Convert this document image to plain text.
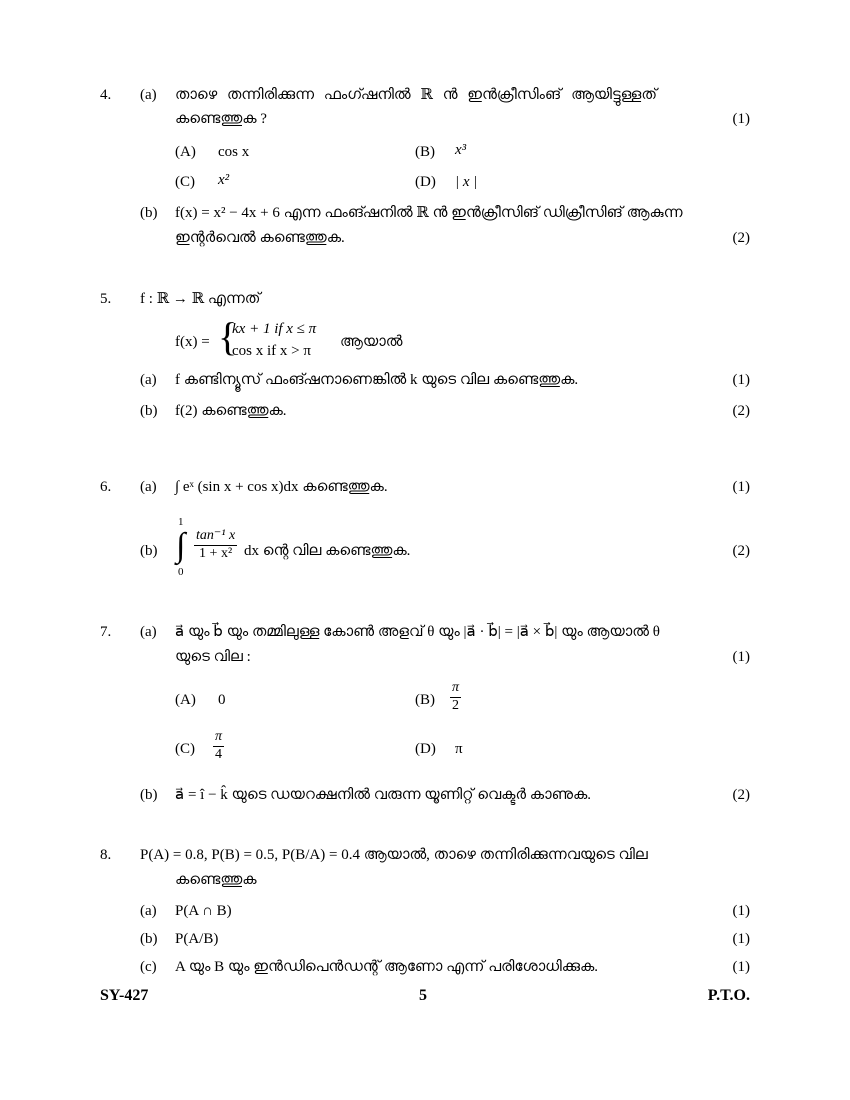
4. (a) താഴെ തന്നിരിക്കുന്ന ഫംഗ്ഷനിൽ ℝ ൻ ഇൻക്രീസിംങ് ആയിട്ടുള്ളത്
കണ്ടെത്തുക ?	(1)
(A) cos x	(B) x³
(C) x²	(D) | x |
(b) f(x) = x² − 4x + 6 എന്ന ഫംങ്ഷനിൽ ℝ ൻ ഇൻക്രീസിങ് ഡിക്രീസിങ് ആകുന്ന
ഇന്റർവെൽ കണ്ടെത്തുക.	(2)
5. f : ℝ → ℝ എന്നത്
f(x) = {
kx + 1 if x ≤ π
cos x if x > π
ആയാൽ
(a) f കണ്ടിന്യൂസ് ഫംങ്ഷനാണെങ്കിൽ k യുടെ വില കണ്ടെത്തുക.	(1)
(b) f(2) കണ്ടെത്തുക.	(2)
6. (a) ∫ eˣ (sin x + cos x)dx കണ്ടെത്തുക.	(1)
(b)
1
∫
0
$\frac{\text{tan⁻¹ x}}{\text{1 + x²}}$ dx ന്റെ വില കണ്ടെത്തുക.	(2)
7. (a) a⃗ യും b⃗ യും തമ്മിലുള്ള കോൺ അളവ് θ യും |a⃗ · b⃗| = |a⃗ × b⃗| യും ആയാൽ θ
യുടെ വില :	(1)
(A) 0	$(B) \frac{\pi}{2}$
$(C) \frac{\pi}{4}$	(D) π
(b) a⃗ = î − k̂ യുടെ ഡയറക്ഷനിൽ വരുന്ന യൂണിറ്റ് വെക്ടർ കാണുക.	(2)
8. P(A) = 0.8, P(B) = 0.5, P(B/A) = 0.4 ആയാൽ, താഴെ തന്നിരിക്കുന്നവയുടെ വില
കണ്ടെത്തുക
(a) P(A ∩ B)	(1)
(b) P(A/B)	(1)
(c) A യും B യും ഇൻഡിപെൻഡന്റ് ആണോ എന്ന് പരിശോധിക്കുക.	(1)
SY-427	5	P.T.O.
